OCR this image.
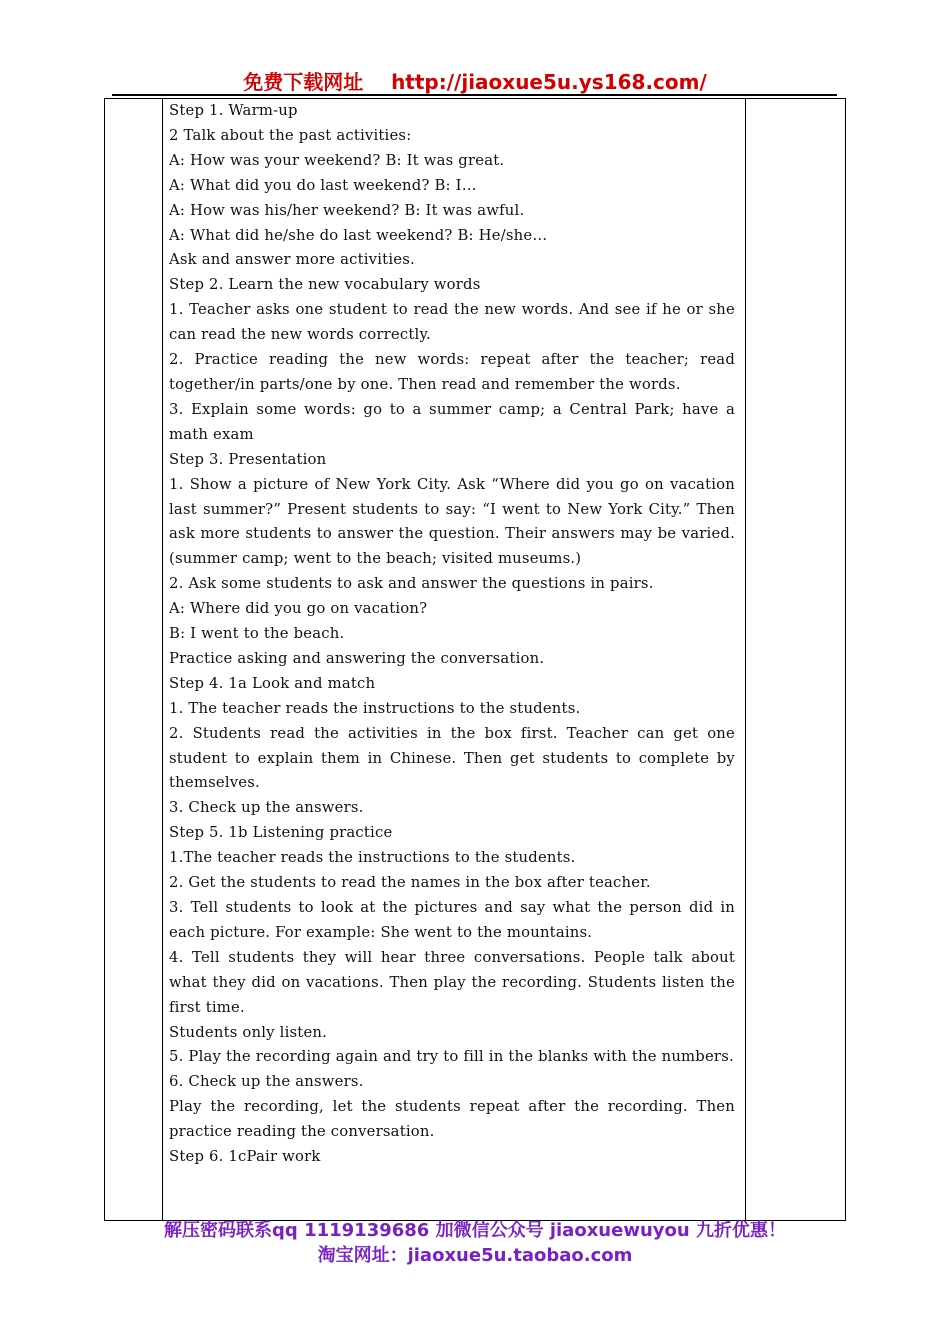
免费下载网址 http://jiaoxue5u.ys168.com/

Step 1. Warm-up

2 Talk about the past activities:

A: How was your weekend? B: It was great.

A: What did you do last weekend? B: I…

A: How was his/her weekend? B: It was awful.

A: What did he/she do last weekend? B: He/she…

Ask and answer more activities.

Step 2. Learn the new vocabulary words

1. Teacher asks one student to read the new words. And see if he or she can read the new words correctly.

2. Practice reading the new words: repeat after the teacher; read together/in parts/one by one. Then read and remember the words.

3. Explain some words: go to a summer camp; a Central Park; have a math exam

Step 3. Presentation

1. Show a picture of New York City. Ask “Where did you go on vacation last summer?” Present students to say: “I went to New York City.” Then ask more students to answer the question. Their answers may be varied. (summer camp; went to the beach; visited museums.)

2. Ask some students to ask and answer the questions in pairs.

A: Where did you go on vacation?

B: I went to the beach.

Practice asking and answering the conversation.

Step 4. 1a Look and match

1. The teacher reads the instructions to the students.

2. Students read the activities in the box first. Teacher can get one student to explain them in Chinese. Then get students to complete by themselves.

3. Check up the answers.

Step 5. 1b Listening practice

1.The teacher reads the instructions to the students.

2. Get the students to read the names in the box after teacher.

3. Tell students to look at the pictures and say what the person did in each picture. For example: She went to the mountains.

4. Tell students they will hear three conversations. People talk about what they did on vacations. Then play the recording. Students listen the first time.

Students only listen.

5. Play the recording again and try to fill in the blanks with the numbers.

6. Check up the answers.

Play the recording, let the students repeat after the recording. Then practice reading the conversation.

Step 6. 1cPair work

解压密码联系qq 1119139686 加微信公众号 jiaoxuewuyou 九折优惠！
淘宝网址：jiaoxue5u.taobao.com
